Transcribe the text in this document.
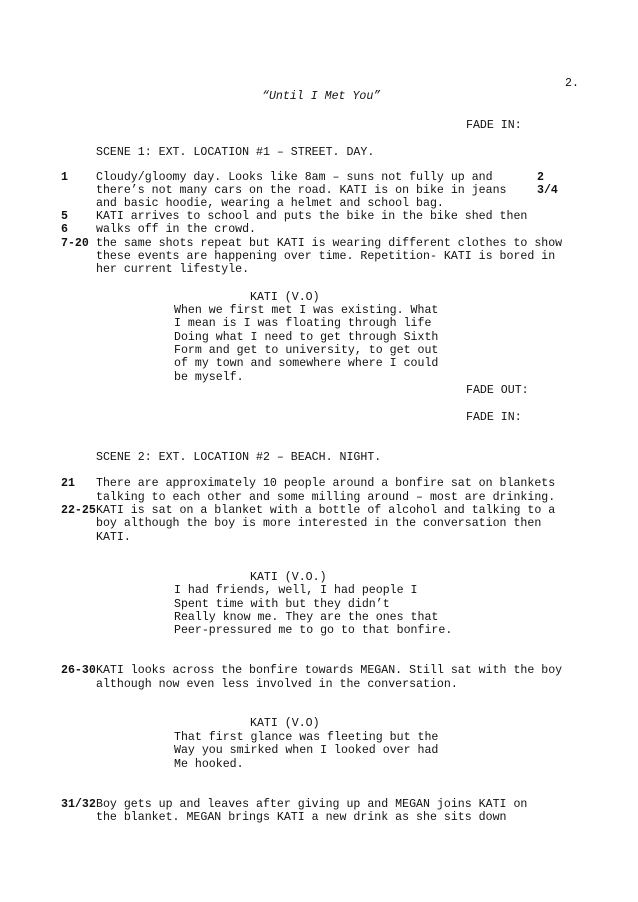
2.
“Until I Met You”
FADE IN:
SCENE 1: EXT. LOCATION #1 – STREET. DAY.
1	2
3/4
5
6
7-20
Cloudy/gloomy day. Looks like 8am – suns not fully up and
there’s not many cars on the road. KATI is on bike in jeans
and basic hoodie, wearing a helmet and school bag.
KATI arrives to school and puts the bike in the bike shed then
walks off in the crowd.
the same shots repeat but KATI is wearing different clothes to show
these events are happening over time. Repetition- KATI is bored in
her current lifestyle.
KATI (V.O)
When we first met I was existing. What
I mean is I was floating through life
Doing what I need to get through Sixth
Form and get to university, to get out
of my town and somewhere where I could
be myself.
FADE OUT:
FADE IN:
SCENE 2: EXT. LOCATION #2 – BEACH. NIGHT.
21
22-25
There are approximately 10 people around a bonfire sat on blankets
talking to each other and some milling around – most are drinking.
KATI is sat on a blanket with a bottle of alcohol and talking to a
boy although the boy is more interested in the conversation then
KATI.
KATI (V.O.)
I had friends, well, I had people I
Spent time with but they didn’t
Really know me. They are the ones that
Peer-pressured me to go to that bonfire.
26-30 KATI looks across the bonfire towards MEGAN. Still sat with the boy
although now even less involved in the conversation.
KATI (V.O)
That first glance was fleeting but the
Way you smirked when I looked over had
Me hooked.
31/32 Boy gets up and leaves after giving up and MEGAN joins KATI on
the blanket. MEGAN brings KATI a new drink as she sits down
